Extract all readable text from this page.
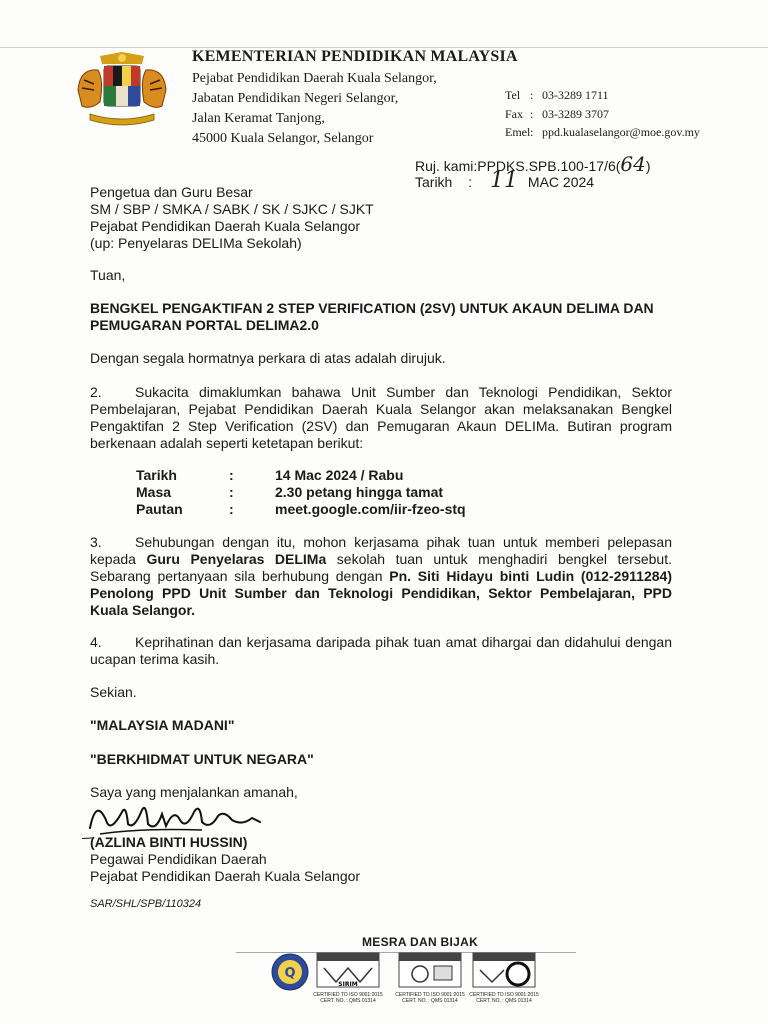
KEMENTERIAN PENDIDIKAN MALAYSIA
Pejabat Pendidikan Daerah Kuala Selangor,
Jabatan Pendidikan Negeri Selangor,
Jalan Keramat Tanjong,
45000 Kuala Selangor, Selangor
Tel : 03-3289 1711
Fax : 03-3289 3707
Emel : ppd.kualaselangor@moe.gov.my
Ruj. kami:PPDKS.SPB.100-17/6(64)
Tarikh : 11 MAC 2024
Pengetua dan Guru Besar
SM / SBP / SMKA / SABK / SK / SJKC / SJKT
Pejabat Pendidikan Daerah Kuala Selangor
(up: Penyelaras DELIMa Sekolah)
Tuan,
BENGKEL PENGAKTIFAN 2 STEP VERIFICATION (2SV) UNTUK AKAUN DELIMA DAN
PEMUGARAN PORTAL DELIMA2.0
Dengan segala hormatnya perkara di atas adalah dirujuk.
2. Sukacita dimaklumkan bahawa Unit Sumber dan Teknologi Pendidikan, Sektor Pembelajaran, Pejabat Pendidikan Daerah Kuala Selangor akan melaksanakan Bengkel Pengaktifan 2 Step Verification (2SV) dan Pemugaran Akaun DELIMa. Butiran program berkenaan adalah seperti ketetapan berikut:
Tarikh	:	14 Mac 2024 / Rabu
Masa	:	2.30 petang hingga tamat
Pautan	:	meet.google.com/iir-fzeo-stq
3. Sehubungan dengan itu, mohon kerjasama pihak tuan untuk memberi pelepasan kepada Guru Penyelaras DELIMa sekolah tuan untuk menghadiri bengkel tersebut. Sebarang pertanyaan sila berhubung dengan Pn. Siti Hidayu binti Ludin (012-2911284) Penolong PPD Unit Sumber dan Teknologi Pendidikan, Sektor Pembelajaran, PPD Kuala Selangor.
4. Keprihatinan dan kerjasama daripada pihak tuan amat dihargai dan didahului dengan ucapan terima kasih.
Sekian.
"MALAYSIA MADANI"
"BERKHIDMAT UNTUK NEGARA"
Saya yang menjalankan amanah,
(AZLINA BINTI HUSSIN)
Pegawai Pendidikan Daerah
Pejabat Pendidikan Daerah Kuala Selangor
SAR/SHL/SPB/110324
MESRA DAN BIJAK
Q
SIRIM
CERTIFIED TO ISO 9001:2015
CERT. NO. : QMS 01314
CERTIFIED TO ISO 9001:2015
CERT. NO. : QMS 01314
CERTIFIED TO ISO 9001:2015
CERT. NO. : QMS 01314
